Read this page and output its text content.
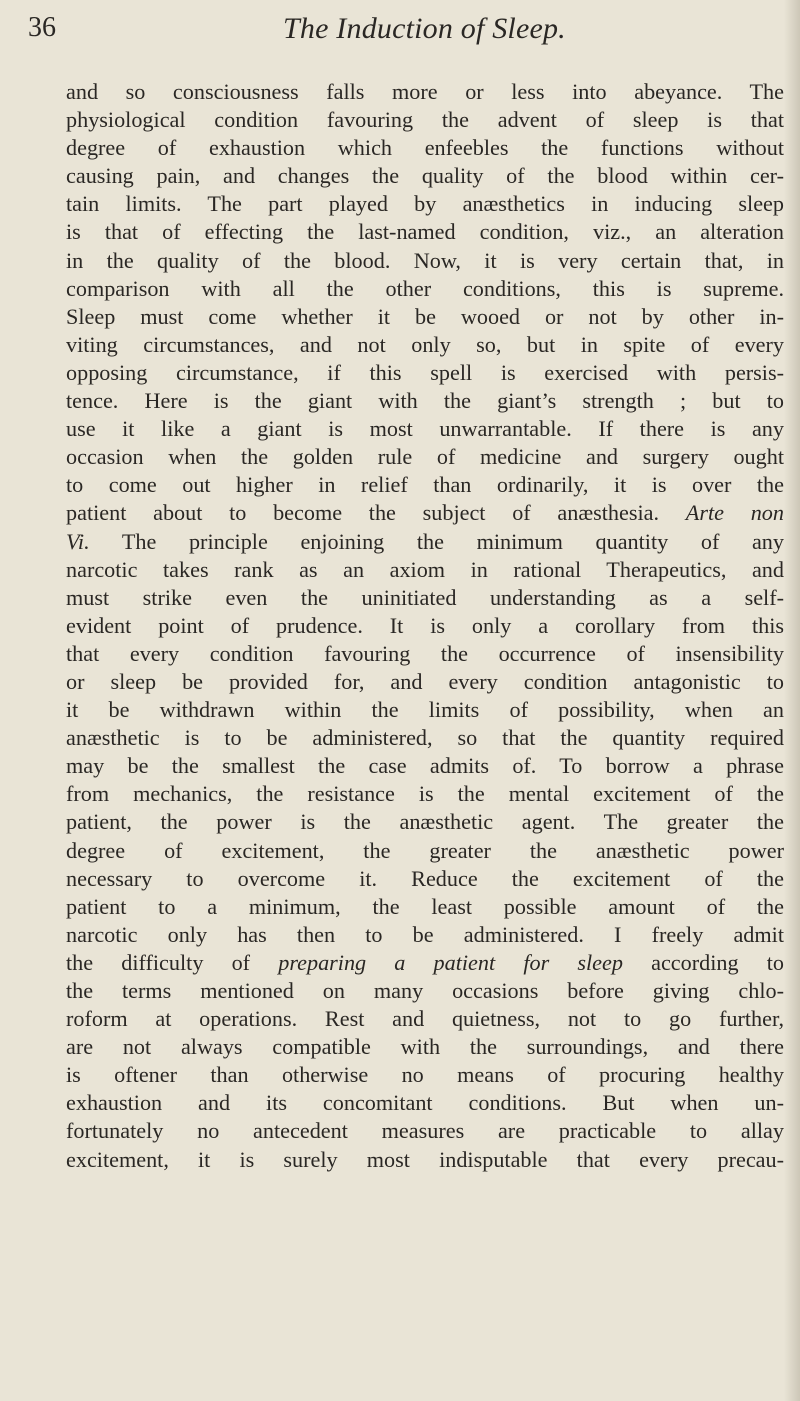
36	The Induction of Sleep.
and so consciousness falls more or less into abeyance. The
physiological condition favouring the advent of sleep is that
degree of exhaustion which enfeebles the functions without
causing pain, and changes the quality of the blood within cer-
tain limits. The part played by anæsthetics in inducing sleep
is that of effecting the last-named condition, viz., an alteration
in the quality of the blood. Now, it is very certain that, in
comparison with all the other conditions, this is supreme.
Sleep must come whether it be wooed or not by other in-
viting circumstances, and not only so, but in spite of every
opposing circumstance, if this spell is exercised with persis-
tence. Here is the giant with the giant’s strength ; but to
use it like a giant is most unwarrantable. If there is any
occasion when the golden rule of medicine and surgery ought
to come out higher in relief than ordinarily, it is over the
patient about to become the subject of anæsthesia. Arte non
Vi. The principle enjoining the minimum quantity of any
narcotic takes rank as an axiom in rational Therapeutics, and
must strike even the uninitiated understanding as a self-
evident point of prudence. It is only a corollary from this
that every condition favouring the occurrence of insensibility
or sleep be provided for, and every condition antagonistic to
it be withdrawn within the limits of possibility, when an
anæsthetic is to be administered, so that the quantity required
may be the smallest the case admits of. To borrow a phrase
from mechanics, the resistance is the mental excitement of the
patient, the power is the anæsthetic agent. The greater the
degree of excitement, the greater the anæsthetic power
necessary to overcome it. Reduce the excitement of the
patient to a minimum, the least possible amount of the
narcotic only has then to be administered. I freely admit
the difficulty of preparing a patient for sleep according to
the terms mentioned on many occasions before giving chlo-
roform at operations. Rest and quietness, not to go further,
are not always compatible with the surroundings, and there
is oftener than otherwise no means of procuring healthy
exhaustion and its concomitant conditions. But when un-
fortunately no antecedent measures are practicable to allay
excitement, it is surely most indisputable that every precau-
